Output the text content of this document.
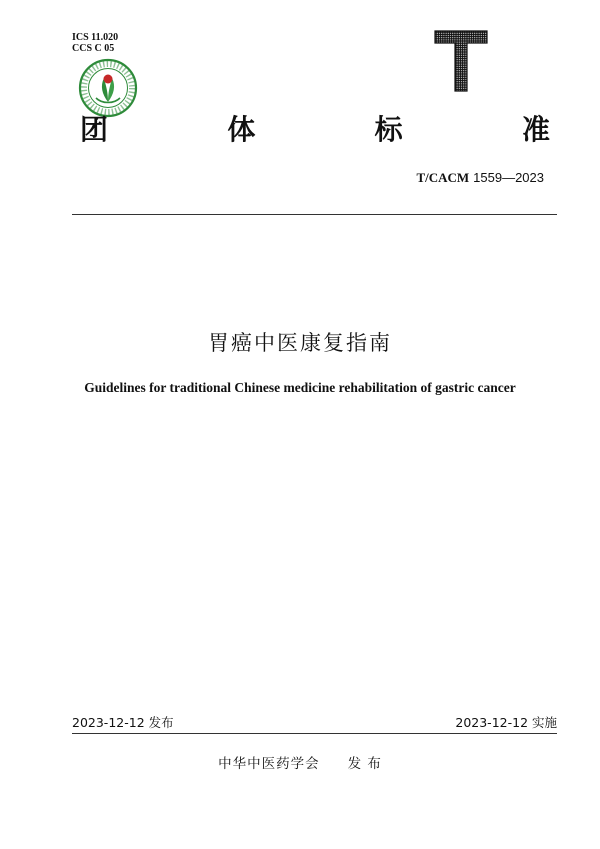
ICS 11.020
CCS C 05
团	体	标	准
T/CACM 1559—2023
胃癌中医康复指南
Guidelines for traditional Chinese medicine rehabilitation of gastric cancer
2023-12-12 发布	2023-12-12 实施
中华中医药学会 发 布
